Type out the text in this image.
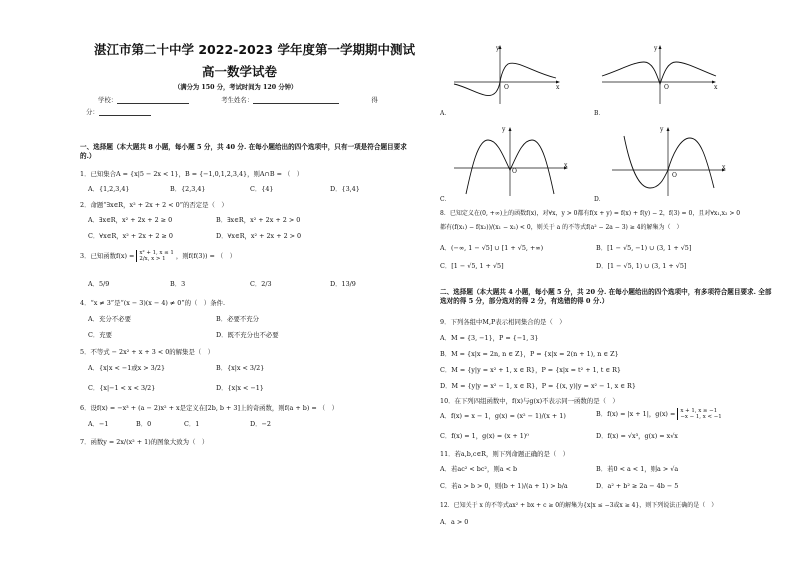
湛江市第二十中学 2022-2023 学年度第一学期期中测试
高一数学试卷
（满分为 150 分，考试时间为 120 分钟）
学校：	考生姓名：	得
分：
一、选择题（本大题共 8 小题，每小题 5 分，共 40 分. 在每小题给出的四个选项中，只有一项是符合题目要求的.）
1．已知集合A = {x|5 − 2x < 1}，B = {−1,0,1,2,3,4}，则A∩B = （　）
A．{1,2,3,4}	B．{2,3,4}	C．{4}	D．{3,4}
2．命题“∃x∈R，x² + 2x + 2 < 0”的否定是（　）
A．∃x∈R，x² + 2x + 2 ≥ 0	B．∃x∈R，x² + 2x + 2 > 0
C．∀x∈R，x² + 2x + 2 ≥ 0	D．∀x∈R，x² + 2x + 2 > 0
3．已知函数f(x) = x² + 1, x ≤ 1
2/x, x > 1 ，则f(f(3)) = （　）
A．5/9	B．3	C．2/3	D．13/9
4．“x ≠ 3”是“(x − 3)(x − 4) ≠ 0”的（　）条件.
A．充分不必要	B．必要不充分
C．充要	D．既不充分也不必要
5．不等式 − 2x² + x + 3 < 0的解集是（　）
A．{x|x < −1或x > 3/2}	B．{x|x < 3/2}
C．{x|−1 < x < 3/2}	D．{x|x < −1}
6．设f(x) = −x³ + (a − 2)x² + x是定义在[2b, b + 3]上的奇函数，则f(a + b) = （　）
A．−1	B．0	C．1	D．−2
7．函数y = 2x/(x² + 1)的图象大致为（　）
y
x
O
A．
y
x
O
B．
y
x
O
C．
y
x
O
D．
8．已知定义在(0, +∞)上的函数f(x)，对∀x，y > 0都有f(x + y) = f(x) + f(y) − 2，f(3) = 0，且对∀x₁,x₂ > 0
都有(f(x₁) − f(x₂))/(x₁ − x₂) < 0，则关于 a 的不等式f(a² − 2a − 3) ≥ 4的解集为（　）
A．(−∞, 1 − √5] ∪ [1 + √5, +∞)	B．[1 − √5, −1) ∪ (3, 1 + √5]
C．[1 − √5, 1 + √5]	D．[1 − √5, 1) ∪ (3, 1 + √5]
二、选择题（本大题共 4 小题，每小题 5 分，共 20 分. 在每小题给出的四个选项中，有多项符合题目要求. 全部选对的得 5 分，部分选对的得 2 分，有选错的得 0 分.）
9．下列各组中M,P表示相同集合的是（　）
A．M = {3, −1}，P = {−1, 3}
B．M = {x|x = 2n, n ∈ Z}，P = {x|x = 2(n + 1), n ∈ Z}
C．M = {y|y = x² + 1, x ∈ R}，P = {x|x = t² + 1, t ∈ R}
D．M = {y|y = x² − 1, x ∈ R}，P = {(x, y)|y = x² − 1, x ∈ R}
10．在下列四组函数中，f(x)与g(x)不表示同一函数的是（　）
A．f(x) = x − 1，g(x) = (x² − 1)/(x + 1)	B．f(x) = |x + 1|，g(x) = x + 1, x ≥ −1
−x − 1, x < −1
C．f(x) = 1，g(x) = (x + 1)⁰	D．f(x) = √x³，g(x) = x√x
11．若a,b,c∈R，则下列命题正确的是（　）
A．若ac² < bc²，则a < b	B．若0 < a < 1，则a > √a
C．若a > b > 0，则(b + 1)/(a + 1) > b/a	D．a² + b² ≥ 2a − 4b − 5
12．已知关于 x 的不等式ax² + bx + c ≥ 0的解集为{x|x ≤ −3或x ≥ 4}，则下列说法正确的是（　）
A．a > 0
